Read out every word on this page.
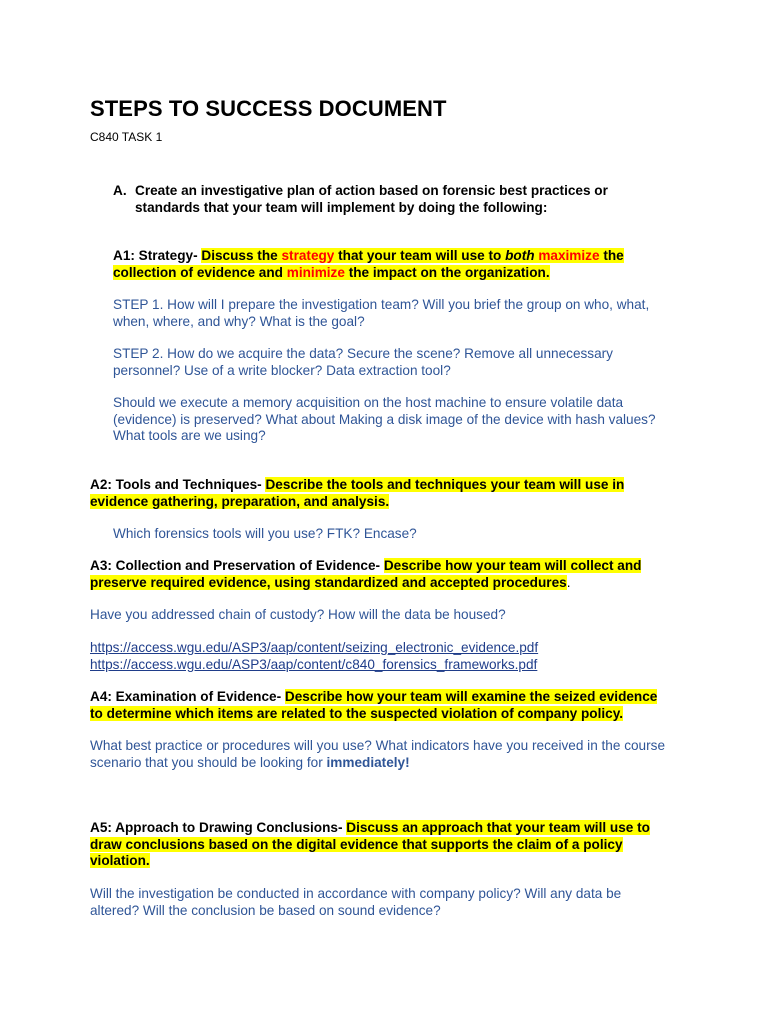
STEPS TO SUCCESS DOCUMENT
C840 TASK 1
A. Create an investigative plan of action based on forensic best practices or standards that your team will implement by doing the following:

A1: Strategy- Discuss the strategy that your team will use to both maximize the collection of evidence and minimize the impact on the organization.

STEP 1. How will I prepare the investigation team? Will you brief the group on who, what, when, where, and why? What is the goal?

STEP 2. How do we acquire the data? Secure the scene? Remove all unnecessary personnel? Use of a write blocker? Data extraction tool?

Should we execute a memory acquisition on the host machine to ensure volatile data (evidence) is preserved? What about Making a disk image of the device with hash values? What tools are we using?

A2: Tools and Techniques- Describe the tools and techniques your team will use in evidence gathering, preparation, and analysis.

Which forensics tools will you use? FTK? Encase?

A3: Collection and Preservation of Evidence- Describe how your team will collect and preserve required evidence, using standardized and accepted procedures.

Have you addressed chain of custody? How will the data be housed?

https://access.wgu.edu/ASP3/aap/content/seizing_electronic_evidence.pdf
https://access.wgu.edu/ASP3/aap/content/c840_forensics_frameworks.pdf

A4: Examination of Evidence- Describe how your team will examine the seized evidence to determine which items are related to the suspected violation of company policy.

What best practice or procedures will you use? What indicators have you received in the course scenario that you should be looking for immediately!

A5: Approach to Drawing Conclusions- Discuss an approach that your team will use to draw conclusions based on the digital evidence that supports the claim of a policy violation.

Will the investigation be conducted in accordance with company policy? Will any data be altered? Will the conclusion be based on sound evidence?
